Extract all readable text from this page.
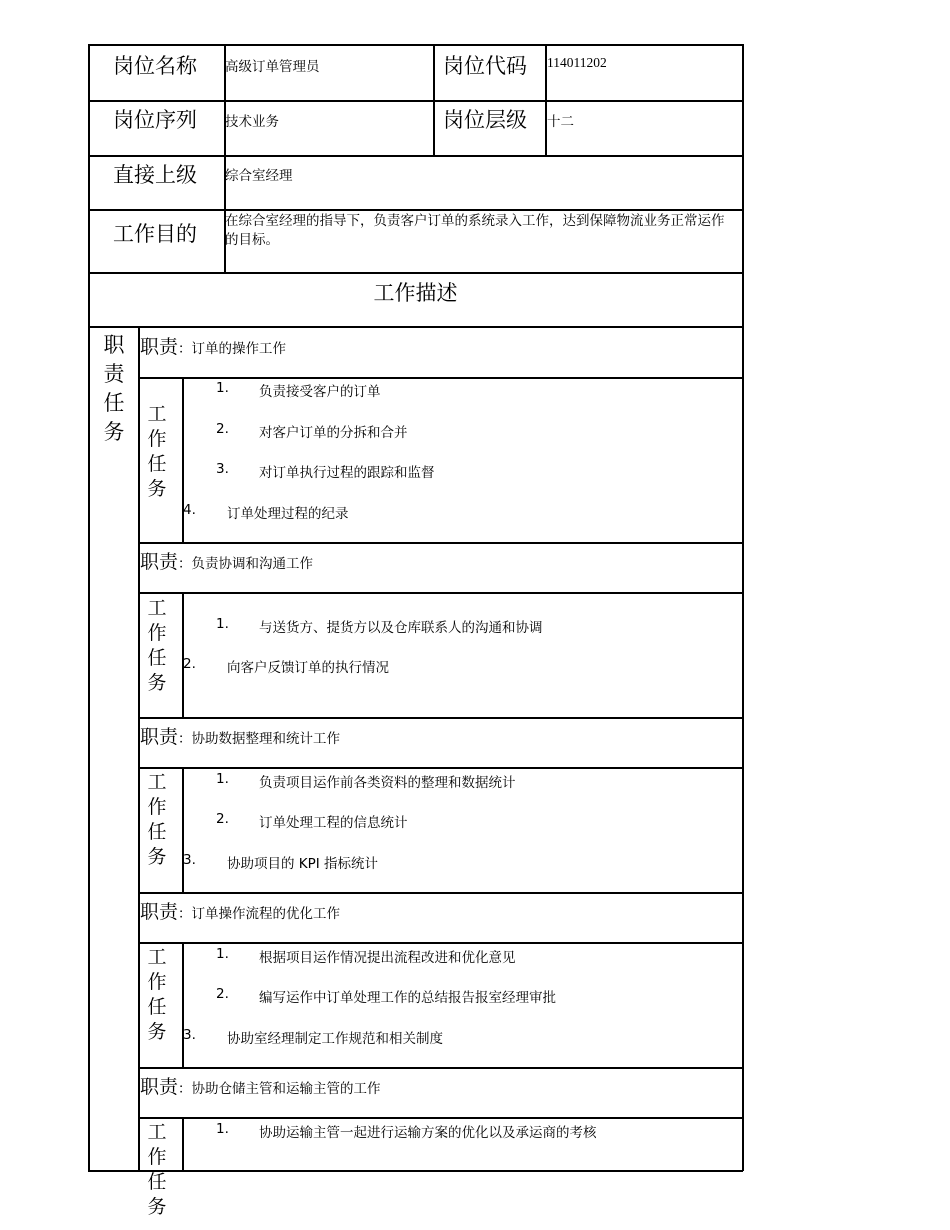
岗位名称 高级订单管理员	岗位代码 114011202
岗位序列 技术业务	岗位层级 十二
直接上级 综合室经理
工作目的
在综合室经理的指导下，负责客户订单的系统录入工作，达到保障物流业务正常运作的目标。
工作描述
职责任务
职责：订单的操作工作
工作任务
1. 负责接受客户的订单
2. 对客户订单的分拆和合并
3. 对订单执行过程的跟踪和监督
4. 订单处理过程的纪录
职责：负责协调和沟通工作
工作任务
1. 与送货方、提货方以及仓库联系人的沟通和协调
2. 向客户反馈订单的执行情况
职责：协助数据整理和统计工作
工作任务
1. 负责项目运作前各类资料的整理和数据统计
2. 订单处理工程的信息统计
3. 协助项目的 KPI 指标统计
职责：订单操作流程的优化工作
工作任务
1. 根据项目运作情况提出流程改进和优化意见
2. 编写运作中订单处理工作的总结报告报室经理审批
3. 协助室经理制定工作规范和相关制度
职责：协助仓储主管和运输主管的工作
工作任务
1. 协助运输主管一起进行运输方案的优化以及承运商的考核
